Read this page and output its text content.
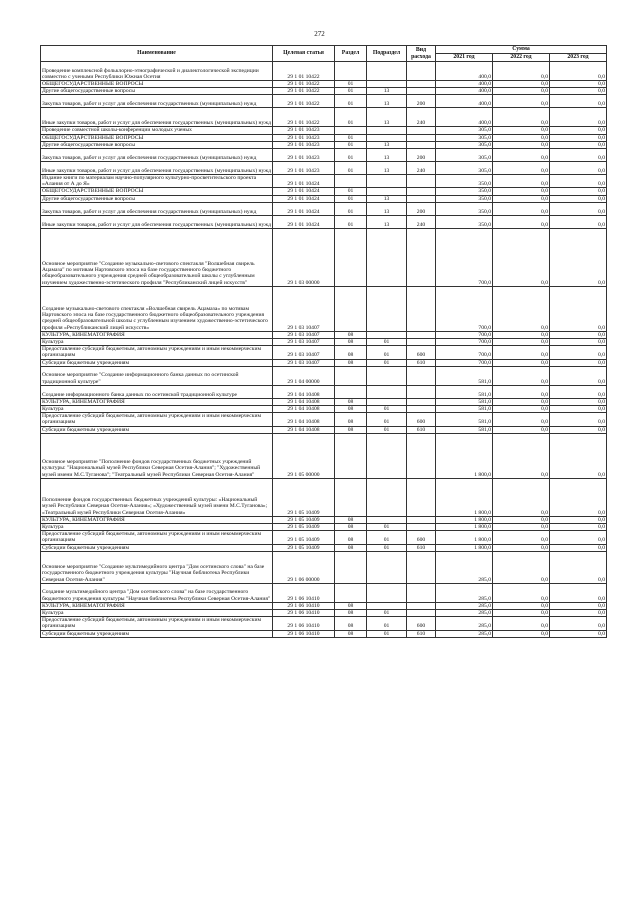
272
Наименование	Целевая статья	Раздел	Подраздел	Вид расхода	Сумма		
					2021 год	2022 год	2023 год
Проведение комплексной фольклорно-этнографической и диалектологической экспедиции совместно с учеными Республики Южная Осетия	29 1 01 10422				400,0	0,0	0,0
ОБЩЕГОСУДАРСТВЕННЫЕ ВОПРОСЫ	29 1 01 10422	01			400,0	0,0	0,0
Другие общегосударственные вопросы	29 1 01 10422	01	13		400,0	0,0	0,0
Закупка товаров, работ и услуг для обеспечения государственных (муниципальных) нужд	29 1 01 10422	01	13	200	400,0	0,0	0,0
Иные закупки товаров, работ и услуг для обеспечения государственных (муниципальных) нужд	29 1 01 10422	01	13	240	400,0	0,0	0,0
Проведение совместной школы-конференции молодых ученых	29 1 01 10423				305,0	0,0	0,0
ОБЩЕГОСУДАРСТВЕННЫЕ ВОПРОСЫ	29 1 01 10423	01			305,0	0,0	0,0
Другие общегосударственные вопросы	29 1 01 10423	01	13		305,0	0,0	0,0
Закупка товаров, работ и услуг для обеспечения государственных (муниципальных) нужд	29 1 01 10423	01	13	200	305,0	0,0	0,0
Иные закупки товаров, работ и услуг для обеспечения государственных (муниципальных) нужд	29 1 01 10423	01	13	240	305,0	0,0	0,0
Издание книги по материалам научно-популярного культурно-просветительского проекта «Алания от А до Я»	29 1 01 10424				350,0	0,0	0,0
ОБЩЕГОСУДАРСТВЕННЫЕ ВОПРОСЫ	29 1 01 10424	01			350,0	0,0	0,0
Другие общегосударственные вопросы	29 1 01 10424	01	13		350,0	0,0	0,0
Закупка товаров, работ и услуг для обеспечения государственных (муниципальных) нужд	29 1 01 10424	01	13	200	350,0	0,0	0,0
Иные закупки товаров, работ и услуг для обеспечения государственных (муниципальных) нужд	29 1 01 10424	01	13	240	350,0	0,0	0,0
Основное мероприятие "Создание музыкально-светового спектакля "Волшебная свирель Ацамаза" по мотивам Нартовского эпоса на базе государственного бюджетного общеобразовательного учреждения средней общеобразовательной школы с углубленным изучением художественно-эстетического профиля "Республиканский лицей искусств"	29 1 03 00000				700,0	0,0	0,0
Создание музыкально-светового спектакля «Волшебная свирель Ацамаза» по мотивам Нартовского эпоса на базе государственного бюджетного общеобразовательного учреждения средней общеобразовательной школы с углубленным изучением художественно-эстетического профиля «Республиканский лицей искусств»	29 1 03 10407				700,0	0,0	0,0
КУЛЬТУРА, КИНЕМАТОГРАФИЯ	29 1 03 10407	08			700,0	0,0	0,0
Культура	29 1 03 10407	08	01		700,0	0,0	0,0
Предоставление субсидий бюджетным, автономным учреждениям и иным некоммерческим организациям	29 1 03 10407	08	01	600	700,0	0,0	0,0
Субсидии бюджетным учреждениям	29 1 03 10407	08	01	610	700,0	0,0	0,0
Основное мероприятие "Создание информационного банка данных по осетинской традиционной культуре"	29 1 04 00000				581,0	0,0	0,0
Создание информационного банка данных по осетинской традиционной культуре	29 1 04 10408				581,0	0,0	0,0
КУЛЬТУРА, КИНЕМАТОГРАФИЯ	29 1 04 10408	08			581,0	0,0	0,0
Культура	29 1 04 10408	08	01		581,0	0,0	0,0
Предоставление субсидий бюджетным, автономным учреждениям и иным некоммерческим организациям	29 1 04 10408	08	01	600	581,0	0,0	0,0
Субсидии бюджетным учреждениям	29 1 04 10408	08	01	610	581,0	0,0	0,0
Основное мероприятие "Пополнение фондов государственных бюджетных учреждений культуры: "Национальный музей Республики Северная Осетия-Алания"; "Художественный музей имени М.С.Туганова"; "Театральный музей Республики Северная Осетия-Алания"	29 1 05 00000				1 800,0	0,0	0,0
Пополнение фондов государственных бюджетных учреждений культуры: «Национальный музей Республики Северная Осетия-Алания»; «Художественный музей имени М.С.Туганова»; «Театральный музей Республики Северная Осетия-Алания»	29 1 05 10409				1 800,0	0,0	0,0
КУЛЬТУРА, КИНЕМАТОГРАФИЯ	29 1 05 10409	08			1 800,0	0,0	0,0
Культура	29 1 05 10409	08	01		1 800,0	0,0	0,0
Предоставление субсидий бюджетным, автономным учреждениям и иным некоммерческим организациям	29 1 05 10409	08	01	600	1 800,0	0,0	0,0
Субсидии бюджетным учреждениям	29 1 05 10409	08	01	610	1 800,0	0,0	0,0
Основное мероприятие "Создание мультимедийного центра "Дом осетинского слова" на базе государственного бюджетного учреждения культуры "Научная библиотека Республики Северная Осетия-Алания"	29 1 06 00000				285,0	0,0	0,0
Создание мультимедийного центра "Дом осетинского слова" на базе государственного бюджетного учреждения культуры "Научная библиотека Республики Северная Осетия-Алания"	29 1 06 10410				285,0	0,0	0,0
КУЛЬТУРА, КИНЕМАТОГРАФИЯ	29 1 06 10410	08			285,0	0,0	0,0
Культура	29 1 06 10410	08	01		285,0	0,0	0,0
Предоставление субсидий бюджетным, автономным учреждениям и иным некоммерческим организациям	29 1 06 10410	08	01	600	285,0	0,0	0,0
Субсидии бюджетным учреждениям	29 1 06 10410	08	01	610	285,0	0,0	0,0
